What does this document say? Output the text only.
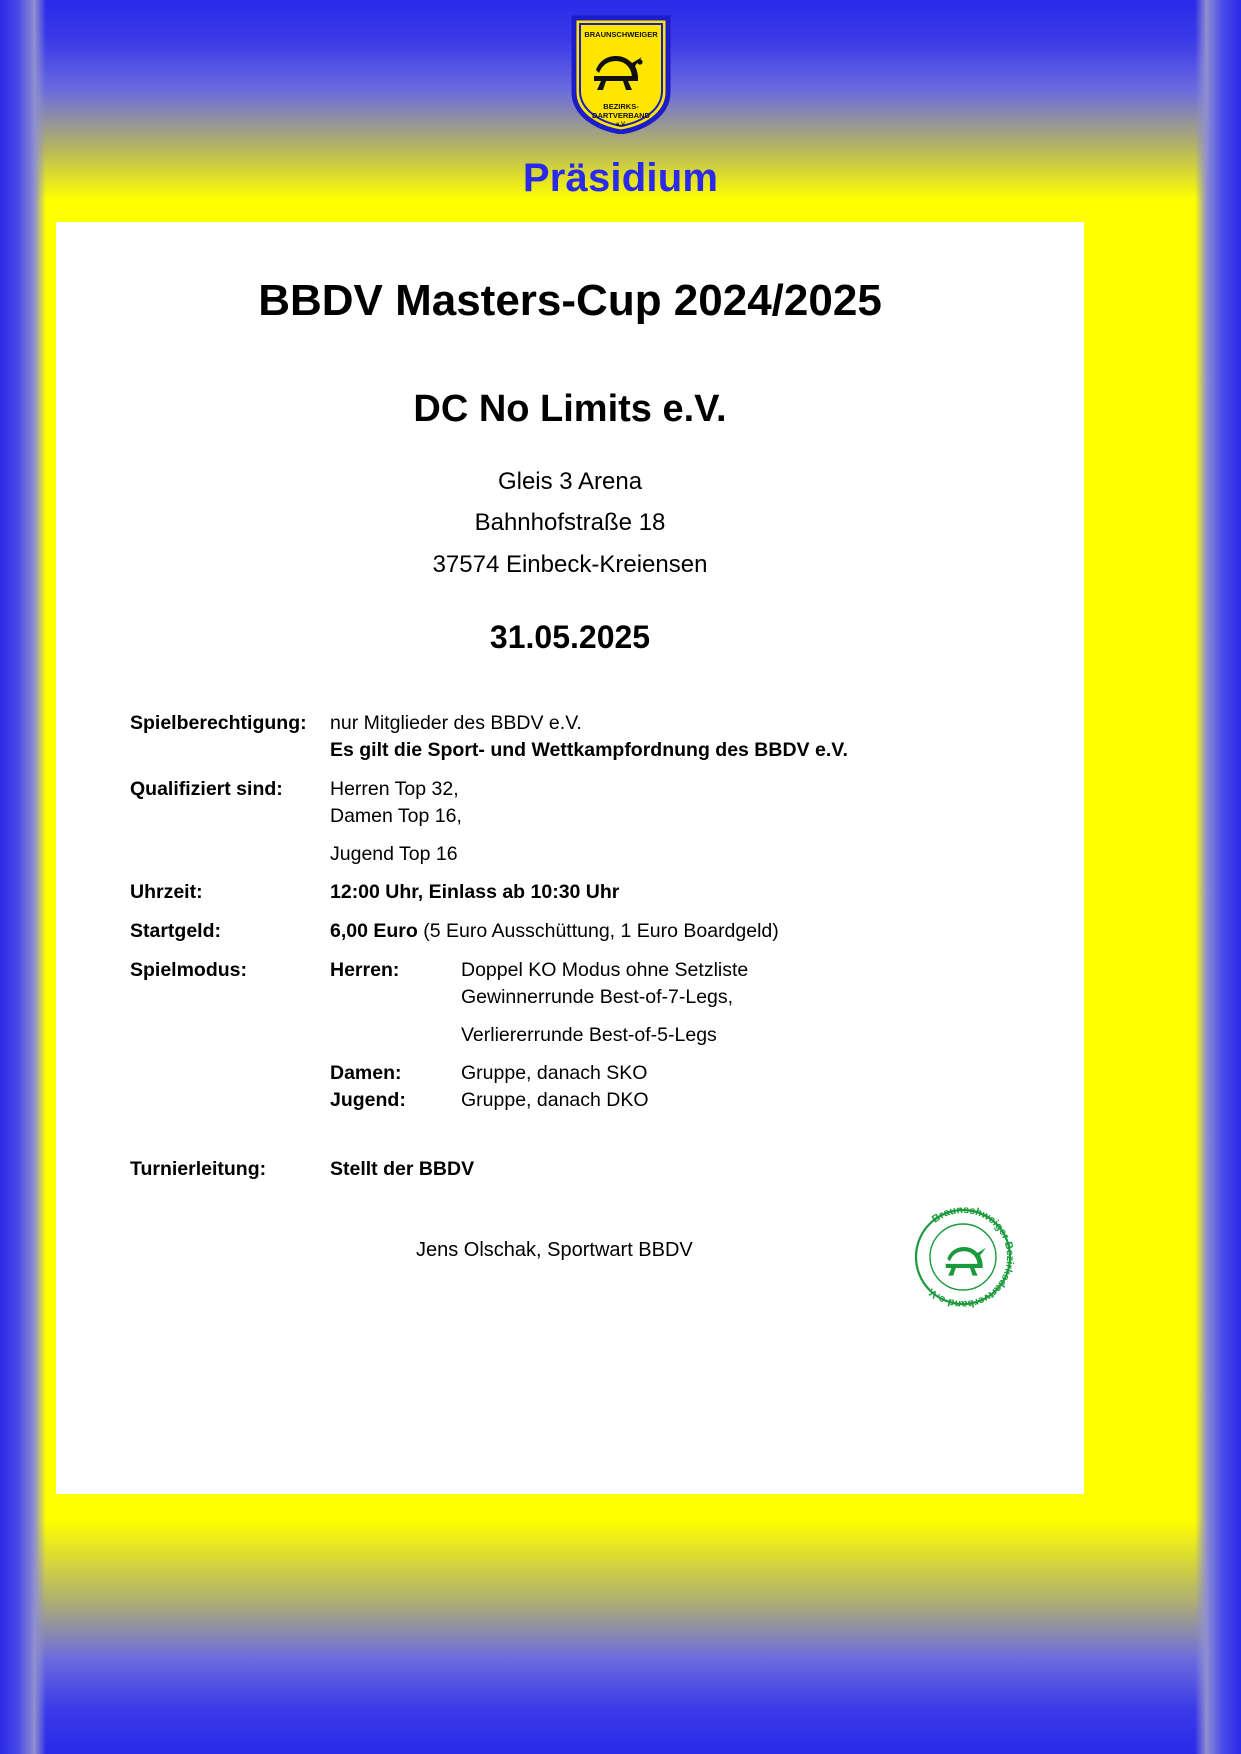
BRAUNSCHWEIGER
BEZIRKS-
DARTVERBAND
e.V.
Präsidium
BBDV Masters-Cup 2024/2025
DC No Limits e.V.
Gleis 3 Arena
Bahnhofstraße 18
37574 Einbeck-Kreiensen
31.05.2025
Spielberechtigung:	nur Mitglieder des BBDV e.V.
Es gilt die Sport- und Wettkampfordnung des BBDV e.V.
Qualifiziert sind:	Herren Top 32,
Damen Top 16,
Jugend Top 16
Uhrzeit:	12:00 Uhr, Einlass ab 10:30 Uhr
Startgeld:	6,00 Euro (5 Euro Ausschüttung, 1 Euro Boardgeld)
Spielmodus:	Herren:	Doppel KO Modus ohne Setzliste
Gewinnerrunde Best-of-7-Legs,
Verliererrunde Best-of-5-Legs
Damen:	Gruppe, danach SKO
Jugend:	Gruppe, danach DKO
Turnierleitung:	Stellt der BBDV
Jens Olschak, Sportwart BBDV
Braunschweiger Bezirksdartverband e.V.
